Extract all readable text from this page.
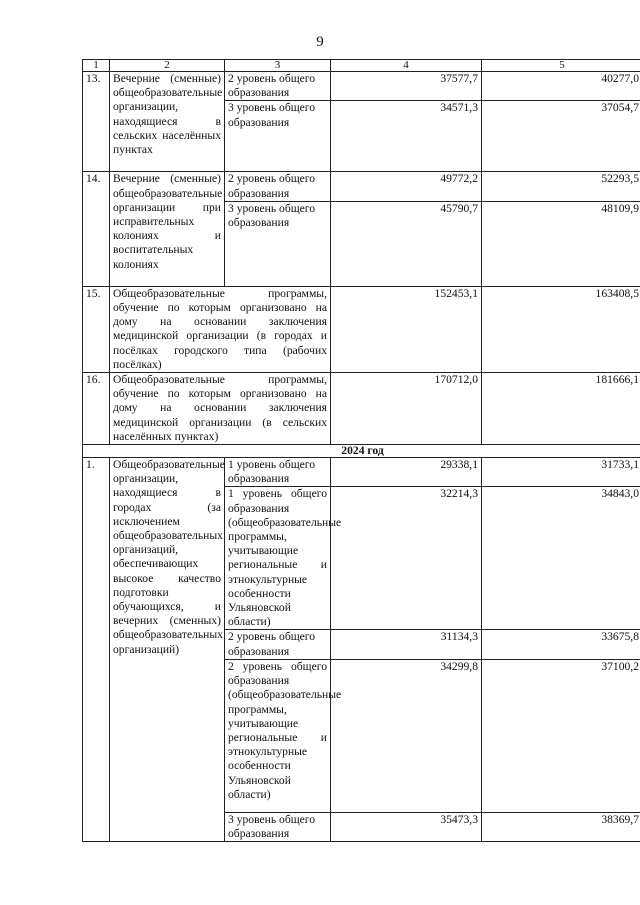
9
1	2	3	4	5
13.	Вечерние (сменные) общеобразовательные организации, находящиеся в сельских населённых пунктах	2 уровень общего образования	37577,7	40277,0
		3 уровень общего образования	34571,3	37054,7
14.	Вечерние (сменные) общеобразовательные организации при исправительных колониях и воспитательных колониях	2 уровень общего образования	49772,2	52293,5
		3 уровень общего образования	45790,7	48109,9
15.	Общеобразовательные программы, обучение по которым организовано на дому на основании заключения медицинской организации (в городах и посёлках городского типа (рабочих посёлках)		152453,1	163408,5
16.	Общеобразовательные программы, обучение по которым организовано на дому на основании заключения медицинской организации (в сельских населённых пунктах)		170712,0	181666,1
2024 год				
1.	Общеобразовательные организации, находящиеся в городах (за исключением общеобразовательных организаций, обеспечивающих высокое качество подготовки обучающихся, и вечерних (сменных) общеобразовательных организаций)	1 уровень общего образования	29338,1	31733,1
		1 уровень общего образования (общеобразовательные программы, учитывающие региональные и этнокультурные особенности Ульяновской области)	32214,3	34843,0
		2 уровень общего образования	31134,3	33675,8
		2 уровень общего образования (общеобразовательные программы, учитывающие региональные и этнокультурные особенности Ульяновской области)	34299,8	37100,2
		3 уровень общего образования	35473,3	38369,7
